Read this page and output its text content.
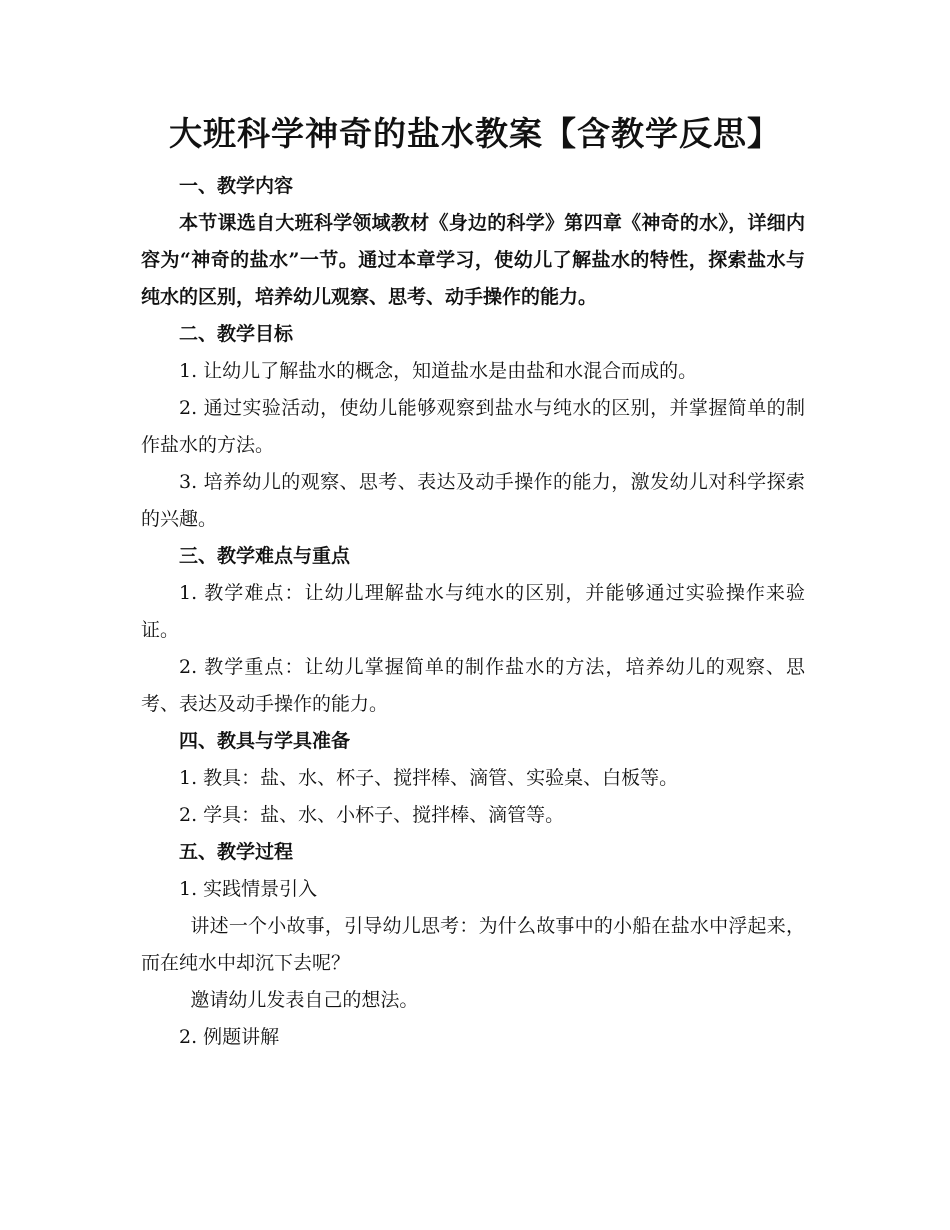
大班科学神奇的盐水教案【含教学反思】

一、教学内容

本节课选自大班科学领域教材《身边的科学》第四章《神奇的水》，详细内容为“神奇的盐水”一节。通过本章学习，使幼儿了解盐水的特性，探索盐水与纯水的区别，培养幼儿观察、思考、动手操作的能力。

二、教学目标

1. 让幼儿了解盐水的概念，知道盐水是由盐和水混合而成的。

2. 通过实验活动，使幼儿能够观察到盐水与纯水的区别，并掌握简单的制作盐水的方法。

3. 培养幼儿的观察、思考、表达及动手操作的能力，激发幼儿对科学探索的兴趣。

三、教学难点与重点

1. 教学难点：让幼儿理解盐水与纯水的区别，并能够通过实验操作来验证。

2. 教学重点：让幼儿掌握简单的制作盐水的方法，培养幼儿的观察、思考、表达及动手操作的能力。

四、教具与学具准备

1. 教具：盐、水、杯子、搅拌棒、滴管、实验桌、白板等。

2. 学具：盐、水、小杯子、搅拌棒、滴管等。

五、教学过程

1. 实践情景引入

讲述一个小故事，引导幼儿思考：为什么故事中的小船在盐水中浮起来，而在纯水中却沉下去呢？

邀请幼儿发表自己的想法。

2. 例题讲解
